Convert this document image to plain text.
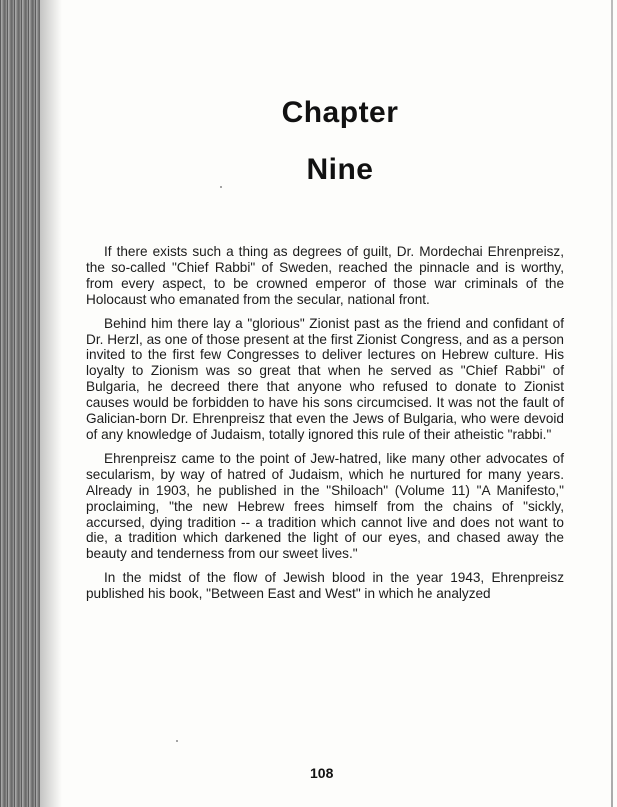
Chapter
Nine

If there exists such a thing as degrees of guilt, Dr. Mordechai Ehrenpreisz, the so-called "Chief Rabbi" of Sweden, reached the pinnacle and is worthy, from every aspect, to be crowned emperor of those war criminals of the Holocaust who emanated from the secular, national front.

Behind him there lay a "glorious" Zionist past as the friend and confidant of Dr. Herzl, as one of those present at the first Zionist Congress, and as a person invited to the first few Congresses to deliver lectures on Hebrew culture. His loyalty to Zionism was so great that when he served as "Chief Rabbi" of Bulgaria, he decreed there that anyone who refused to donate to Zionist causes would be forbidden to have his sons circumcised. It was not the fault of Galician-born Dr. Ehrenpreisz that even the Jews of Bulgaria, who were devoid of any knowledge of Judaism, totally ignored this rule of their atheistic "rabbi."

Ehrenpreisz came to the point of Jew-hatred, like many other advocates of secularism, by way of hatred of Judaism, which he nurtured for many years. Already in 1903, he published in the "Shiloach" (Volume 11) "A Manifesto," proclaiming, "the new Hebrew frees himself from the chains of "sickly, accursed, dying tradition -- a tradition which cannot live and does not want to die, a tradition which darkened the light of our eyes, and chased away the beauty and tenderness from our sweet lives."

In the midst of the flow of Jewish blood in the year 1943, Ehrenpreisz published his book, "Between East and West" in which he analyzed

108
